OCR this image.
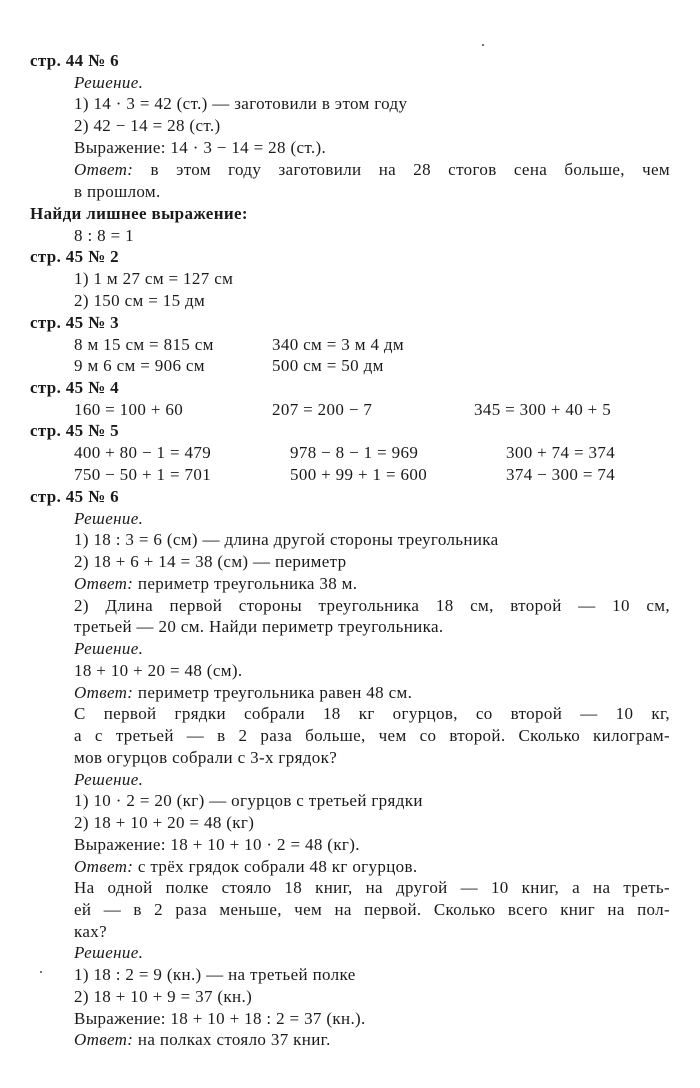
стр. 44 № 6
Решение.
1) 14 · 3 = 42 (ст.) — заготовили в этом году
2) 42 − 14 = 28 (ст.)
Выражение: 14 · 3 − 14 = 28 (ст.).
Ответ: в этом году заготовили на 28 стогов сена больше, чем
в прошлом.
Найди лишнее выражение:
8 : 8 = 1
стр. 45 № 2
1) 1 м 27 см = 127 см
2) 150 см = 15 дм
стр. 45 № 3
8 м 15 см = 815 см	340 см = 3 м 4 дм
9 м 6 см = 906 см	500 см = 50 дм
стр. 45 № 4
160 = 100 + 60	207 = 200 − 7	345 = 300 + 40 + 5
стр. 45 № 5
400 + 80 − 1 = 479	978 − 8 − 1 = 969	300 + 74 = 374
750 − 50 + 1 = 701	500 + 99 + 1 = 600	374 − 300 = 74
стр. 45 № 6
Решение.
1) 18 : 3 = 6 (см) — длина другой стороны треугольника
2) 18 + 6 + 14 = 38 (см) — периметр
Ответ: периметр треугольника 38 м.
2) Длина первой стороны треугольника 18 см, второй — 10 см,
третьей — 20 см. Найди периметр треугольника.
Решение.
18 + 10 + 20 = 48 (см).
Ответ: периметр треугольника равен 48 см.
С первой грядки собрали 18 кг огурцов, со второй — 10 кг,
а с третьей — в 2 раза больше, чем со второй. Сколько килограм-
мов огурцов собрали с 3-х грядок?
Решение.
1) 10 · 2 = 20 (кг) — огурцов с третьей грядки
2) 18 + 10 + 20 = 48 (кг)
Выражение: 18 + 10 + 10 · 2 = 48 (кг).
Ответ: с трёх грядок собрали 48 кг огурцов.
На одной полке стояло 18 книг, на другой — 10 книг, а на треть-
ей — в 2 раза меньше, чем на первой. Сколько всего книг на пол-
ках?
Решение.
1) 18 : 2 = 9 (кн.) — на третьей полке
2) 18 + 10 + 9 = 37 (кн.)
Выражение: 18 + 10 + 18 : 2 = 37 (кн.).
Ответ: на полках стояло 37 книг.
